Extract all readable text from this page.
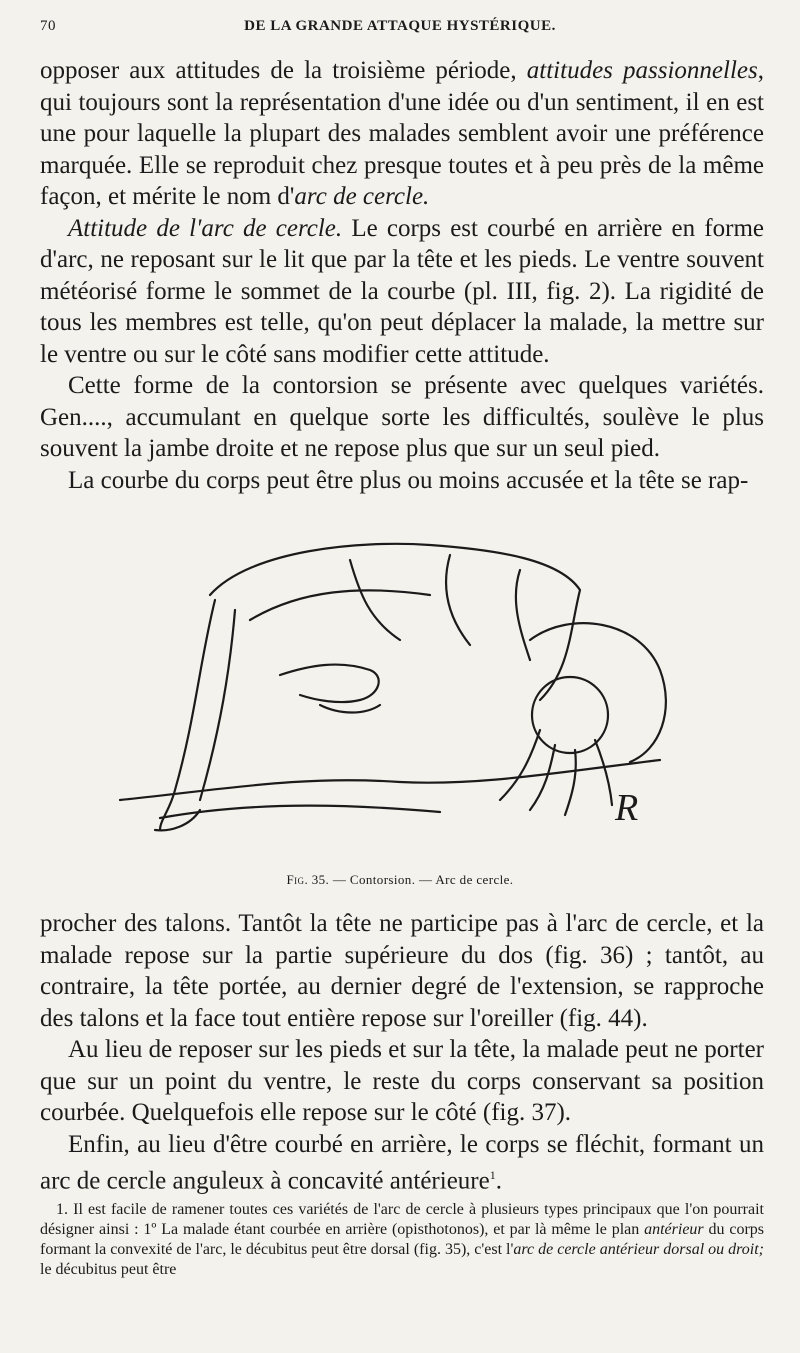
70	DE LA GRANDE ATTAQUE HYSTÉRIQUE.

opposer aux attitudes de la troisième période, attitudes passionnelles, qui toujours sont la représentation d'une idée ou d'un sentiment, il en est une pour laquelle la plupart des malades semblent avoir une préférence marquée. Elle se reproduit chez presque toutes et à peu près de la même façon, et mérite le nom d'arc de cercle.

Attitude de l'arc de cercle. Le corps est courbé en arrière en forme d'arc, ne reposant sur le lit que par la tête et les pieds. Le ventre souvent météorisé forme le sommet de la courbe (pl. III, fig. 2). La rigidité de tous les membres est telle, qu'on peut déplacer la malade, la mettre sur le ventre ou sur le côté sans modifier cette attitude.

Cette forme de la contorsion se présente avec quelques variétés. Gen...., accumulant en quelque sorte les difficultés, soulève le plus souvent la jambe droite et ne repose plus que sur un seul pied.

La courbe du corps peut être plus ou moins accusée et la tête se rap-

R
Fig. 35. — Contorsion. — Arc de cercle.

procher des talons. Tantôt la tête ne participe pas à l'arc de cercle, et la malade repose sur la partie supérieure du dos (fig. 36) ; tantôt, au contraire, la tête portée, au dernier degré de l'extension, se rapproche des talons et la face tout entière repose sur l'oreiller (fig. 44).

Au lieu de reposer sur les pieds et sur la tête, la malade peut ne porter que sur un point du ventre, le reste du corps conservant sa position courbée. Quelquefois elle repose sur le côté (fig. 37).

Enfin, au lieu d'être courbé en arrière, le corps se fléchit, formant un arc de cercle anguleux à concavité antérieure$^1$.

1. Il est facile de ramener toutes ces variétés de l'arc de cercle à plusieurs types principaux que l'on pourrait désigner ainsi : 1º La malade étant courbée en arrière (opisthotonos), et par là même le plan antérieur du corps formant la convexité de l'arc, le décubitus peut être dorsal (fig. 35), c'est l'arc de cercle antérieur dorsal ou droit; le décubitus peut être
